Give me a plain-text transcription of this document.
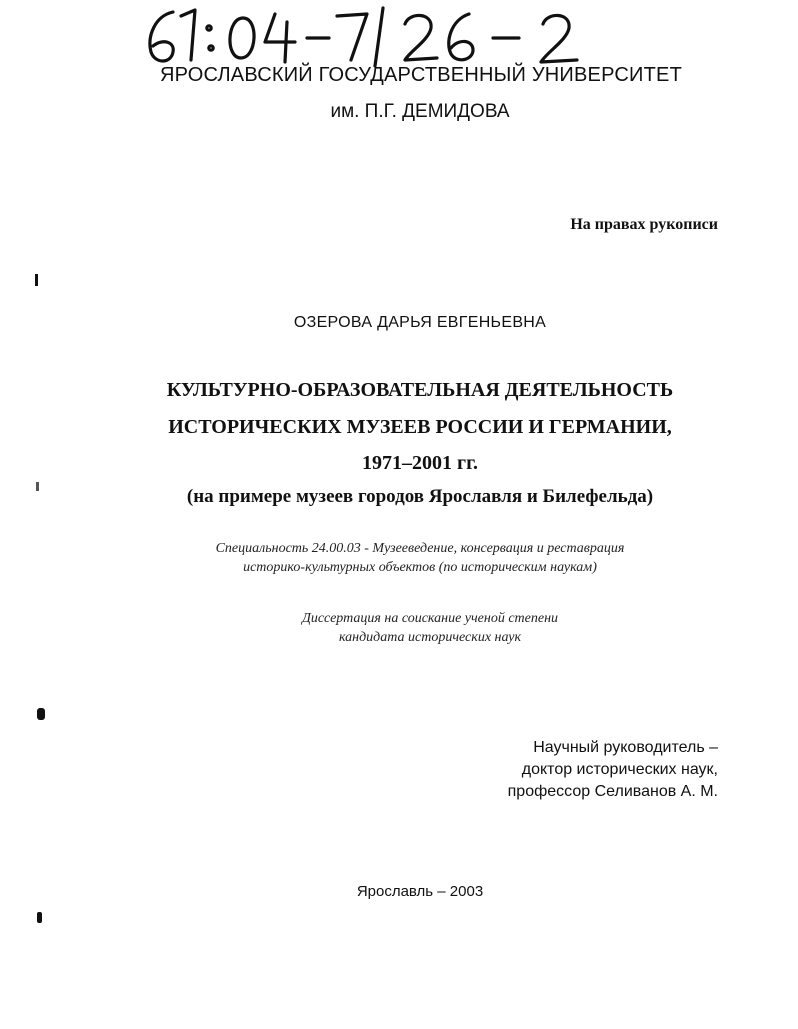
ЯРОСЛАВСКИЙ ГОСУДАРСТВЕННЫЙ УНИВЕРСИТЕТ
им. П.Г. ДЕМИДОВА
На правах рукописи
ОЗЕРОВА ДАРЬЯ ЕВГЕНЬЕВНА
КУЛЬТУРНО-ОБРАЗОВАТЕЛЬНАЯ ДЕЯТЕЛЬНОСТЬ
ИСТОРИЧЕСКИХ МУЗЕЕВ РОССИИ И ГЕРМАНИИ,
1971–2001 гг.
(на примере музеев городов Ярославля и Билефельда)
Специальность 24.00.03 - Музееведение, консервация и реставрация
историко-культурных объектов (по историческим наукам)
Диссертация на соискание ученой степени
кандидата исторических наук
Научный руководитель –
доктор исторических наук,
профессор Селиванов А. М.
Ярославль – 2003
